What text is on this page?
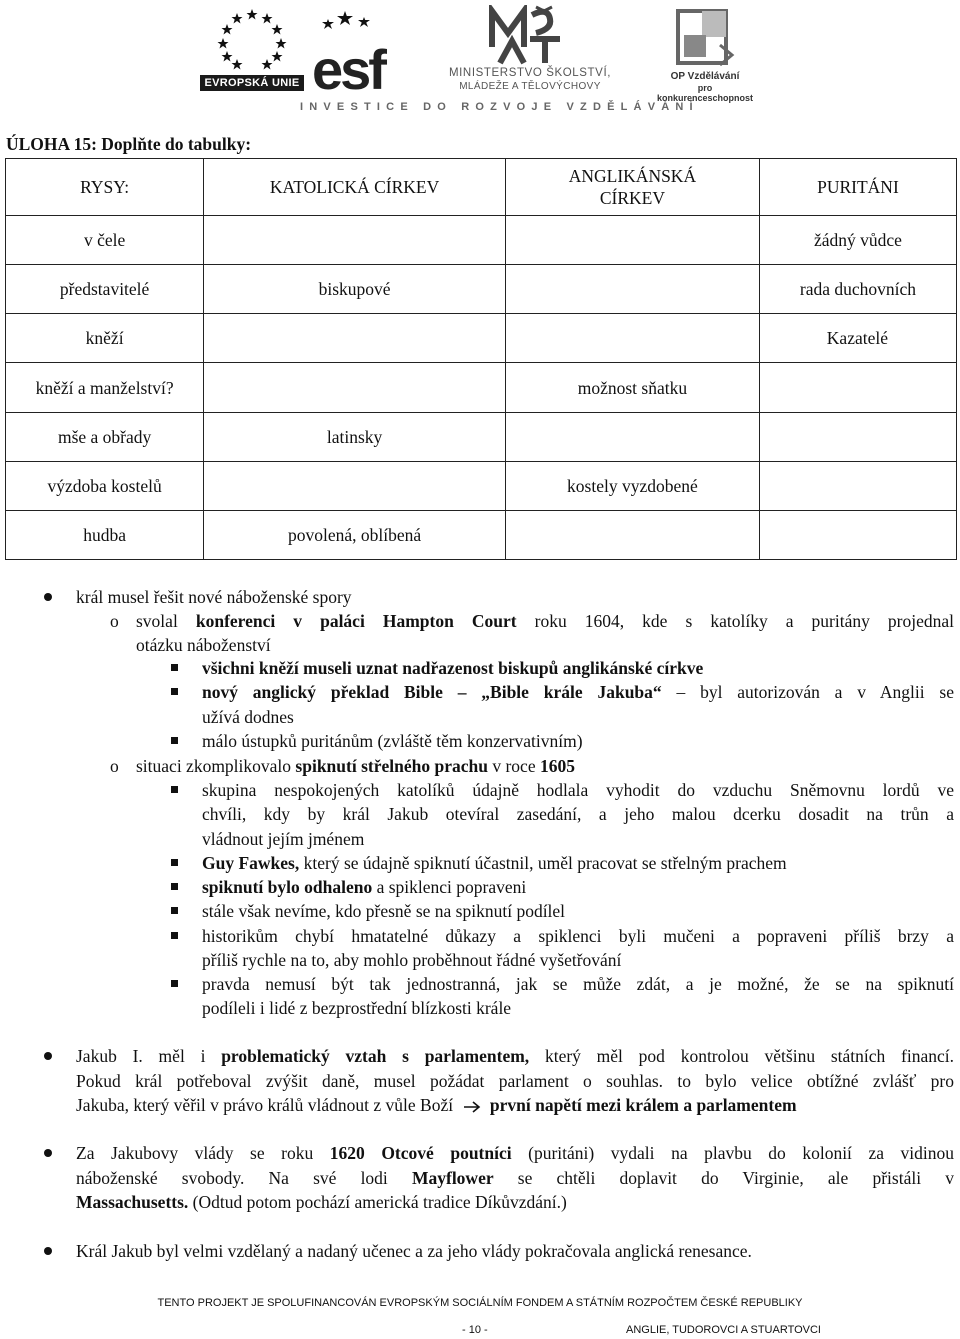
EVROPSKÁ UNIE esf	MINISTERSTVO ŠKOLSTVÍ,
MLÁDEŽE A TĚLOVÝCHOVY
OP Vzdělávání
pro konkurenceschopnost
INVESTICE DO ROZVOJE VZDĚLÁVÁNÍ
ÚLOHA 15: Doplňte do tabulky:
RYSY:	KATOLICKÁ CÍRKEV	ANGLIKÁNSKÁ CÍRKEV	PURITÁNI
v čele			žádný vůdce
představitelé	biskupové		rada duchovních
kněží			Kazatelé
kněží a manželství?		možnost sňatku	
mše a obřady	latinsky		
výzdoba kostelů		kostely vyzdobené	
hudba	povolená, oblíbená		
král musel řešit nové náboženské spory
o svolal konferenci v paláci Hampton Court roku 1604, kde s katolíky a puritány projednal
otázku náboženství
všichni kněží museli uznat nadřazenost biskupů anglikánské církve
nový anglický překlad Bible – „Bible krále Jakuba“ – byl autorizován a v Anglii se
užívá dodnes
málo ústupků puritánům (zvláště těm konzervativním)
o situaci zkomplikovalo spiknutí střelného prachu v roce 1605
skupina nespokojených katolíků údajně hodlala vyhodit do vzduchu Sněmovnu lordů ve
chvíli, kdy by král Jakub otevíral zasedání, a jeho malou dcerku dosadit na trůn a
vládnout jejím jménem
Guy Fawkes, který se údajně spiknutí účastnil, uměl pracovat se střelným prachem
spiknutí bylo odhaleno a spiklenci popraveni
stále však nevíme, kdo přesně se na spiknutí podílel
historikům chybí hmatatelné důkazy a spiklenci byli mučeni a popraveni příliš brzy a
příliš rychle na to, aby mohlo proběhnout řádné vyšetřování
pravda nemusí být tak jednostranná, jak se může zdát, a je možné, že se na spiknutí
podíleli i lidé z bezprostřední blízkosti krále
Jakub I. měl i problematický vztah s parlamentem, který měl pod kontrolou většinu státních financí.
Pokud král potřeboval zvýšit daně, musel požádat parlament o souhlas. to bylo velice obtížné zvlášť pro
Jakuba, který věřil v právo králů vládnout z vůle Boží první napětí mezi králem a parlamentem
Za Jakubovy vlády se roku 1620 Otcové poutníci (puritáni) vydali na plavbu do kolonií za vidinou
náboženské svobody. Na své lodi Mayflower se chtěli doplavit do Virginie, ale přistáli v
Massachusetts. (Odtud potom pochází americká tradice Díkůvzdání.)
Král Jakub byl velmi vzdělaný a nadaný učenec a za jeho vlády pokračovala anglická renesance.
TENTO PROJEKT JE SPOLUFINANCOVÁN EVROPSKÝM SOCIÁLNÍM FONDEM A STÁTNÍM ROZPOČTEM ČESKÉ REPUBLIKY
- 10 -	ANGLIE, TUDOROVCI A STUARTOVCI
